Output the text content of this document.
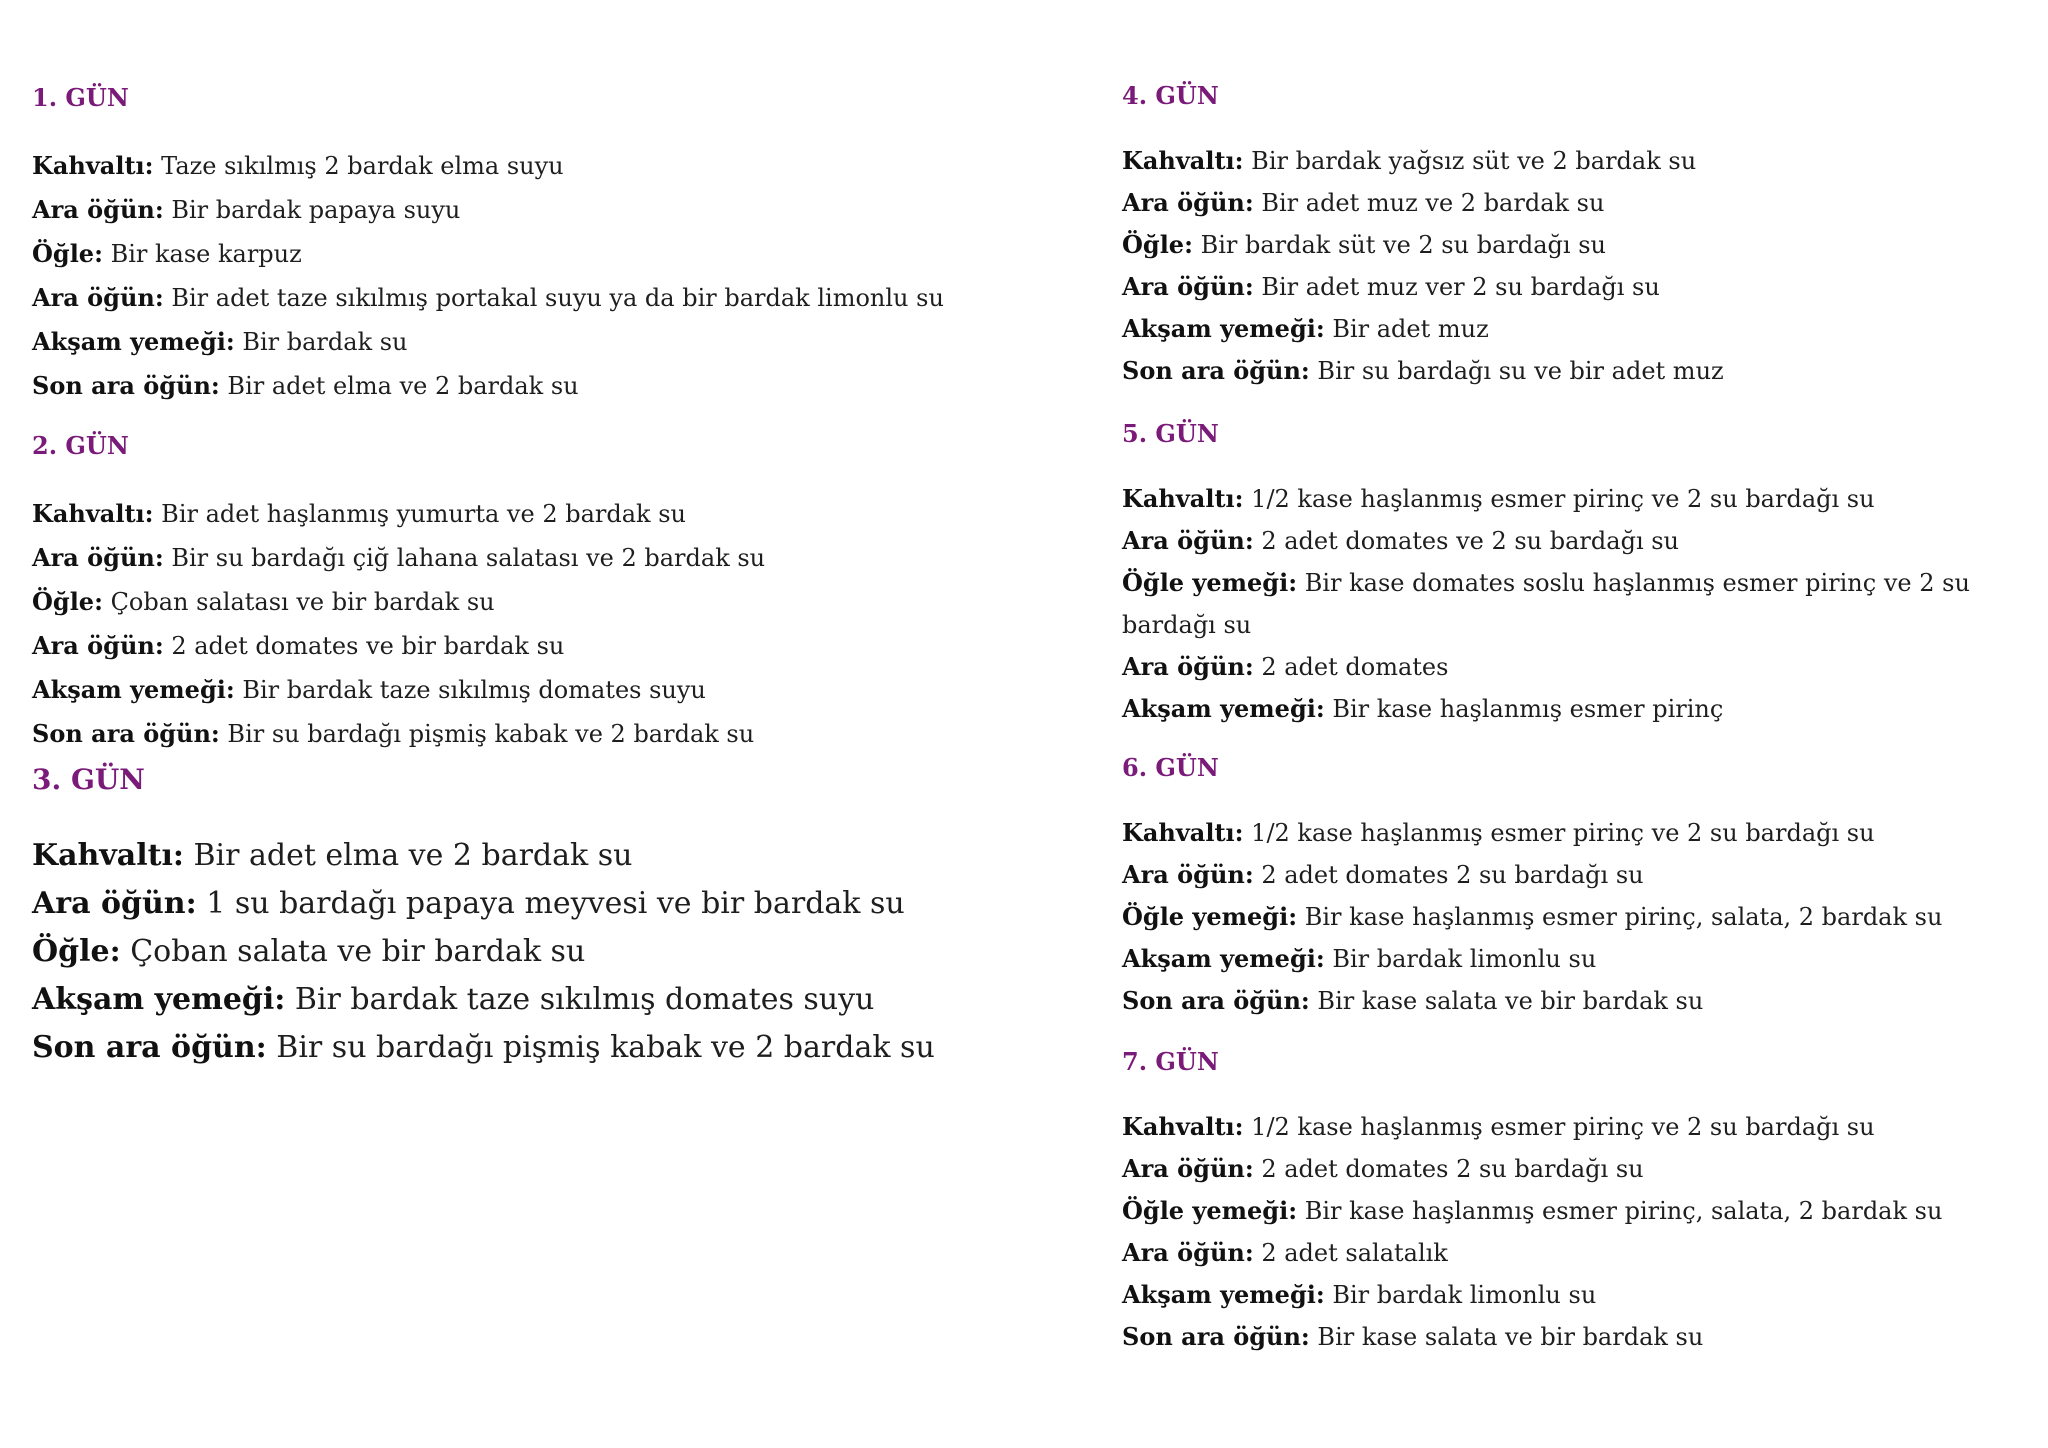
1. GÜN
Kahvaltı: Taze sıkılmış 2 bardak elma suyu
Ara öğün: Bir bardak papaya suyu
Öğle: Bir kase karpuz
Ara öğün: Bir adet taze sıkılmış portakal suyu ya da bir bardak limonlu su
Akşam yemeği: Bir bardak su
Son ara öğün: Bir adet elma ve 2 bardak su
2. GÜN
Kahvaltı: Bir adet haşlanmış yumurta ve 2 bardak su
Ara öğün: Bir su bardağı çiğ lahana salatası ve 2 bardak su
Öğle: Çoban salatası ve bir bardak su
Ara öğün: 2 adet domates ve bir bardak su
Akşam yemeği: Bir bardak taze sıkılmış domates suyu
Son ara öğün: Bir su bardağı pişmiş kabak ve 2 bardak su
3. GÜN
Kahvaltı: Bir adet elma ve 2 bardak su
Ara öğün: 1 su bardağı papaya meyvesi ve bir bardak su
Öğle: Çoban salata ve bir bardak su
Akşam yemeği: Bir bardak taze sıkılmış domates suyu
Son ara öğün: Bir su bardağı pişmiş kabak ve 2 bardak su
4. GÜN
Kahvaltı: Bir bardak yağsız süt ve 2 bardak su
Ara öğün: Bir adet muz ve 2 bardak su
Öğle: Bir bardak süt ve 2 su bardağı su
Ara öğün: Bir adet muz ver 2 su bardağı su
Akşam yemeği: Bir adet muz
Son ara öğün: Bir su bardağı su ve bir adet muz
5. GÜN
Kahvaltı: 1/2 kase haşlanmış esmer pirinç ve 2 su bardağı su
Ara öğün: 2 adet domates ve 2 su bardağı su
Öğle yemeği: Bir kase domates soslu haşlanmış esmer pirinç ve 2 su bardağı su
Ara öğün: 2 adet domates
Akşam yemeği: Bir kase haşlanmış esmer pirinç
6. GÜN
Kahvaltı: 1/2 kase haşlanmış esmer pirinç ve 2 su bardağı su
Ara öğün: 2 adet domates 2 su bardağı su
Öğle yemeği: Bir kase haşlanmış esmer pirinç, salata, 2 bardak su
Akşam yemeği: Bir bardak limonlu su
Son ara öğün: Bir kase salata ve bir bardak su
7. GÜN
Kahvaltı: 1/2 kase haşlanmış esmer pirinç ve 2 su bardağı su
Ara öğün: 2 adet domates 2 su bardağı su
Öğle yemeği: Bir kase haşlanmış esmer pirinç, salata, 2 bardak su
Ara öğün: 2 adet salatalık
Akşam yemeği: Bir bardak limonlu su
Son ara öğün: Bir kase salata ve bir bardak su
